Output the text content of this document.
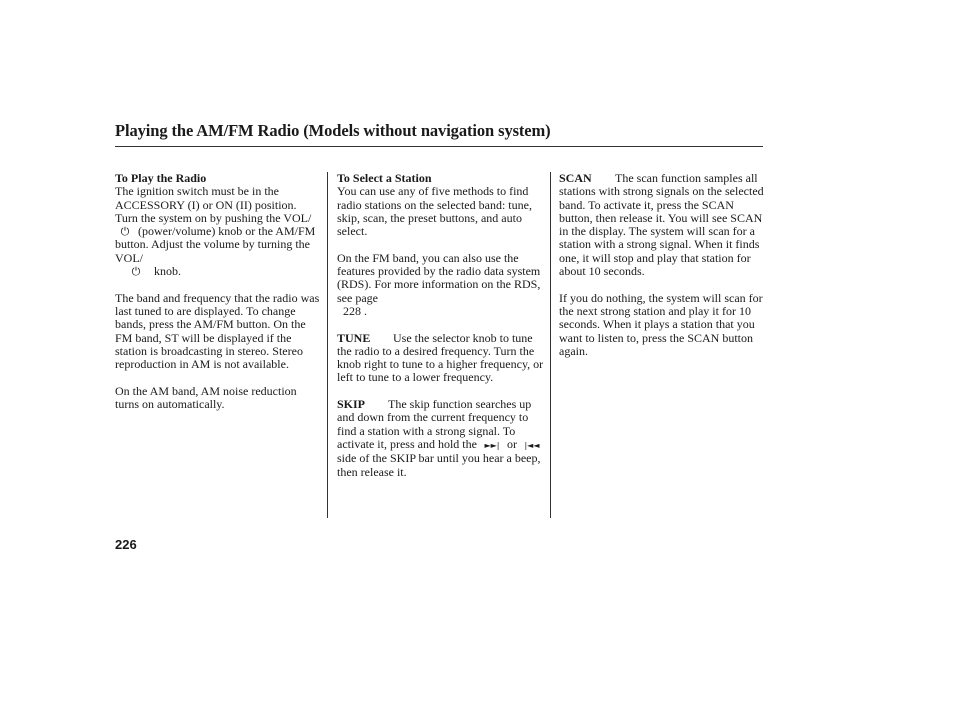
Playing the AM/FM Radio (Models without navigation system)
To Play the Radio

The ignition switch must be in the ACCESSORY (I) or ON (II) position. Turn the system on by pushing the VOL/ ⏻ (power/volume) knob or the AM/FM button. Adjust the volume by turning the VOL/
⏻ knob.

The band and frequency that the radio was last tuned to are displayed. To change bands, press the AM/FM button. On the FM band, ST will be displayed if the station is broadcasting in stereo. Stereo reproduction in AM is not available.

On the AM band, AM noise reduction turns on automatically.

To Select a Station

You can use any of five methods to find radio stations on the selected band: tune, skip, scan, the preset buttons, and auto select.

On the FM band, you can also use the features provided by the radio data system (RDS). For more information on the RDS, see page
228 .

TUNE Use the selector knob to tune the radio to a desired frequency. Turn the knob right to tune to a higher frequency, or left to tune to a lower frequency.

SKIP The skip function searches up and down from the current frequency to find a station with a strong signal. To activate it, press and hold the ►►| or |◄◄ side of the SKIP bar until you hear a beep, then release it.

SCAN The scan function samples all stations with strong signals on the selected band. To activate it, press the SCAN button, then release it. You will see SCAN in the display. The system will scan for a station with a strong signal. When it finds one, it will stop and play that station for about 10 seconds.

If you do nothing, the system will scan for the next strong station and play it for 10 seconds. When it plays a station that you want to listen to, press the SCAN button again.

226
